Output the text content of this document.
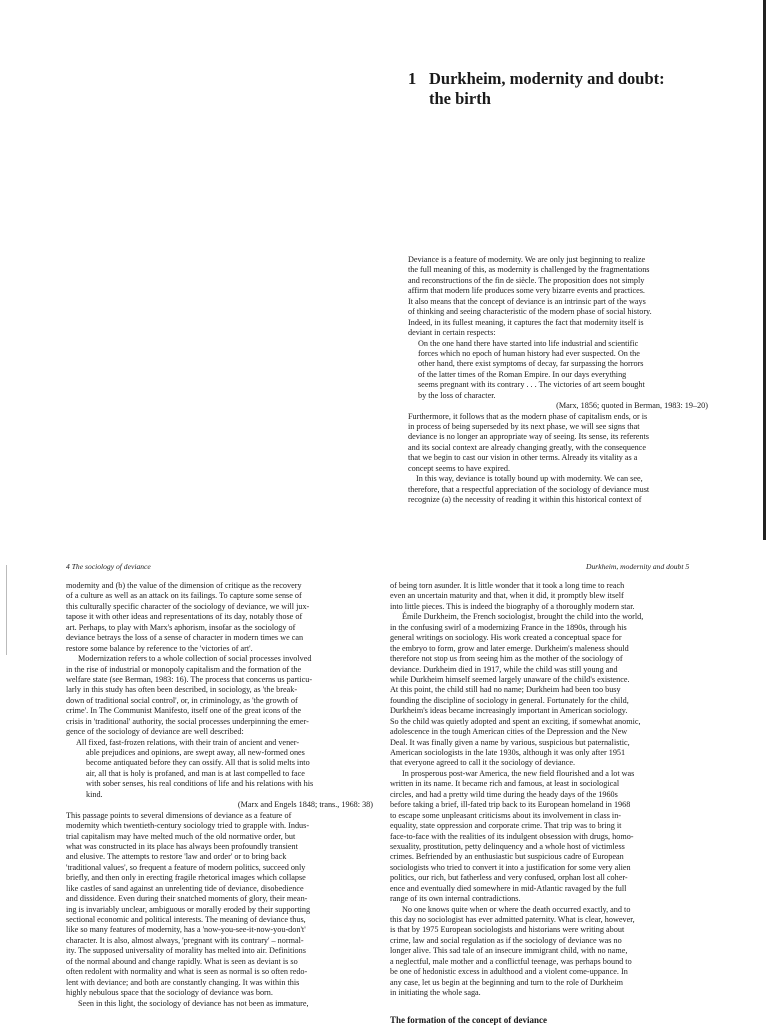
1 Durkheim, modernity and doubt:
the birth
Deviance is a feature of modernity. We are only just beginning to realize
the full meaning of this, as modernity is challenged by the fragmentations
and reconstructions of the fin de siècle. The proposition does not simply
affirm that modern life produces some very bizarre events and practices.
It also means that the concept of deviance is an intrinsic part of the ways
of thinking and seeing characteristic of the modern phase of social history.
Indeed, in its fullest meaning, it captures the fact that modernity itself is
deviant in certain respects:
On the one hand there have started into life industrial and scientific
forces which no epoch of human history had ever suspected. On the
other hand, there exist symptoms of decay, far surpassing the horrors
of the latter times of the Roman Empire. In our days everything
seems pregnant with its contrary . . . The victories of art seem bought
by the loss of character.
(Marx, 1856; quoted in Berman, 1983: 19–20)
Furthermore, it follows that as the modern phase of capitalism ends, or is
in process of being superseded by its next phase, we will see signs that
deviance is no longer an appropriate way of seeing. Its sense, its referents
and its social context are already changing greatly, with the consequence
that we begin to cast our vision in other terms. Already its vitality as a
concept seems to have expired.
In this way, deviance is totally bound up with modernity. We can see,
therefore, that a respectful appreciation of the sociology of deviance must
recognize (a) the necessity of reading it within this historical context of
4 The sociology of deviance	Durkheim, modernity and doubt 5
modernity and (b) the value of the dimension of critique as the recovery
of a culture as well as an attack on its failings. To capture some sense of
this culturally specific character of the sociology of deviance, we will jux-
tapose it with other ideas and representations of its day, notably those of
art. Perhaps, to play with Marx's aphorism, insofar as the sociology of
deviance betrays the loss of a sense of character in modern times we can
restore some balance by reference to the 'victories of art'.
Modernization refers to a whole collection of social processes involved
in the rise of industrial or monopoly capitalism and the formation of the
welfare state (see Berman, 1983: 16). The process that concerns us particu-
larly in this study has often been described, in sociology, as 'the break-
down of traditional social control', or, in criminology, as 'the growth of
crime'. In The Communist Manifesto, itself one of the great icons of the
crisis in 'traditional' authority, the social processes underpinning the emer-
gence of the sociology of deviance are well described:
All fixed, fast-frozen relations, with their train of ancient and vener-
able prejudices and opinions, are swept away, all new-formed ones
become antiquated before they can ossify. All that is solid melts into
air, all that is holy is profaned, and man is at last compelled to face
with sober senses, his real conditions of life and his relations with his
kind.
(Marx and Engels 1848; trans., 1968: 38)
This passage points to several dimensions of deviance as a feature of
modernity which twentieth-century sociology tried to grapple with. Indus-
trial capitalism may have melted much of the old normative order, but
what was constructed in its place has always been profoundly transient
and elusive. The attempts to restore 'law and order' or to bring back
'traditional values', so frequent a feature of modern politics, succeed only
briefly, and then only in erecting fragile rhetorical images which collapse
like castles of sand against an unrelenting tide of deviance, disobedience
and dissidence. Even during their snatched moments of glory, their mean-
ing is invariably unclear, ambiguous or morally eroded by their supporting
sectional economic and political interests. The meaning of deviance thus,
like so many features of modernity, has a 'now-you-see-it-now-you-don't'
character. It is also, almost always, 'pregnant with its contrary' – normal-
ity. The supposed universality of morality has melted into air. Definitions
of the normal abound and change rapidly. What is seen as deviant is so
often redolent with normality and what is seen as normal is so often redo-
lent with deviance; and both are constantly changing. It was within this
highly nebulous space that the sociology of deviance was born.
Seen in this light, the sociology of deviance has not been as immature,
of being torn asunder. It is little wonder that it took a long time to reach
even an uncertain maturity and that, when it did, it promptly blew itself
into little pieces. This is indeed the biography of a thoroughly modern star.
Émile Durkheim, the French sociologist, brought the child into the world,
in the confusing swirl of a modernizing France in the 1890s, through his
general writings on sociology. His work created a conceptual space for
the embryo to form, grow and later emerge. Durkheim's maleness should
therefore not stop us from seeing him as the mother of the sociology of
deviance. Durkheim died in 1917, while the child was still young and
while Durkheim himself seemed largely unaware of the child's existence.
At this point, the child still had no name; Durkheim had been too busy
founding the discipline of sociology in general. Fortunately for the child,
Durkheim's ideas became increasingly important in American sociology.
So the child was quietly adopted and spent an exciting, if somewhat anomic,
adolescence in the tough American cities of the Depression and the New
Deal. It was finally given a name by various, suspicious but paternalistic,
American sociologists in the late 1930s, although it was only after 1951
that everyone agreed to call it the sociology of deviance.
In prosperous post-war America, the new field flourished and a lot was
written in its name. It became rich and famous, at least in sociological
circles, and had a pretty wild time during the heady days of the 1960s
before taking a brief, ill-fated trip back to its European homeland in 1968
to escape some unpleasant criticisms about its involvement in class in-
equality, state oppression and corporate crime. That trip was to bring it
face-to-face with the realities of its indulgent obsession with drugs, homo-
sexuality, prostitution, petty delinquency and a whole host of victimless
crimes. Befriended by an enthusiastic but suspicious cadre of European
sociologists who tried to convert it into a justification for some very alien
politics, our rich, but fatherless and very confused, orphan lost all coher-
ence and eventually died somewhere in mid-Atlantic ravaged by the full
range of its own internal contradictions.
No one knows quite when or where the death occurred exactly, and to
this day no sociologist has ever admitted paternity. What is clear, however,
is that by 1975 European sociologists and historians were writing about
crime, law and social regulation as if the sociology of deviance was no
longer alive. This sad tale of an insecure immigrant child, with no name,
a neglectful, male mother and a conflictful teenage, was perhaps bound to
be one of hedonistic excess in adulthood and a violent come-uppance. In
any case, let us begin at the beginning and turn to the role of Durkheim
in initiating the whole saga.
The formation of the concept of deviance
